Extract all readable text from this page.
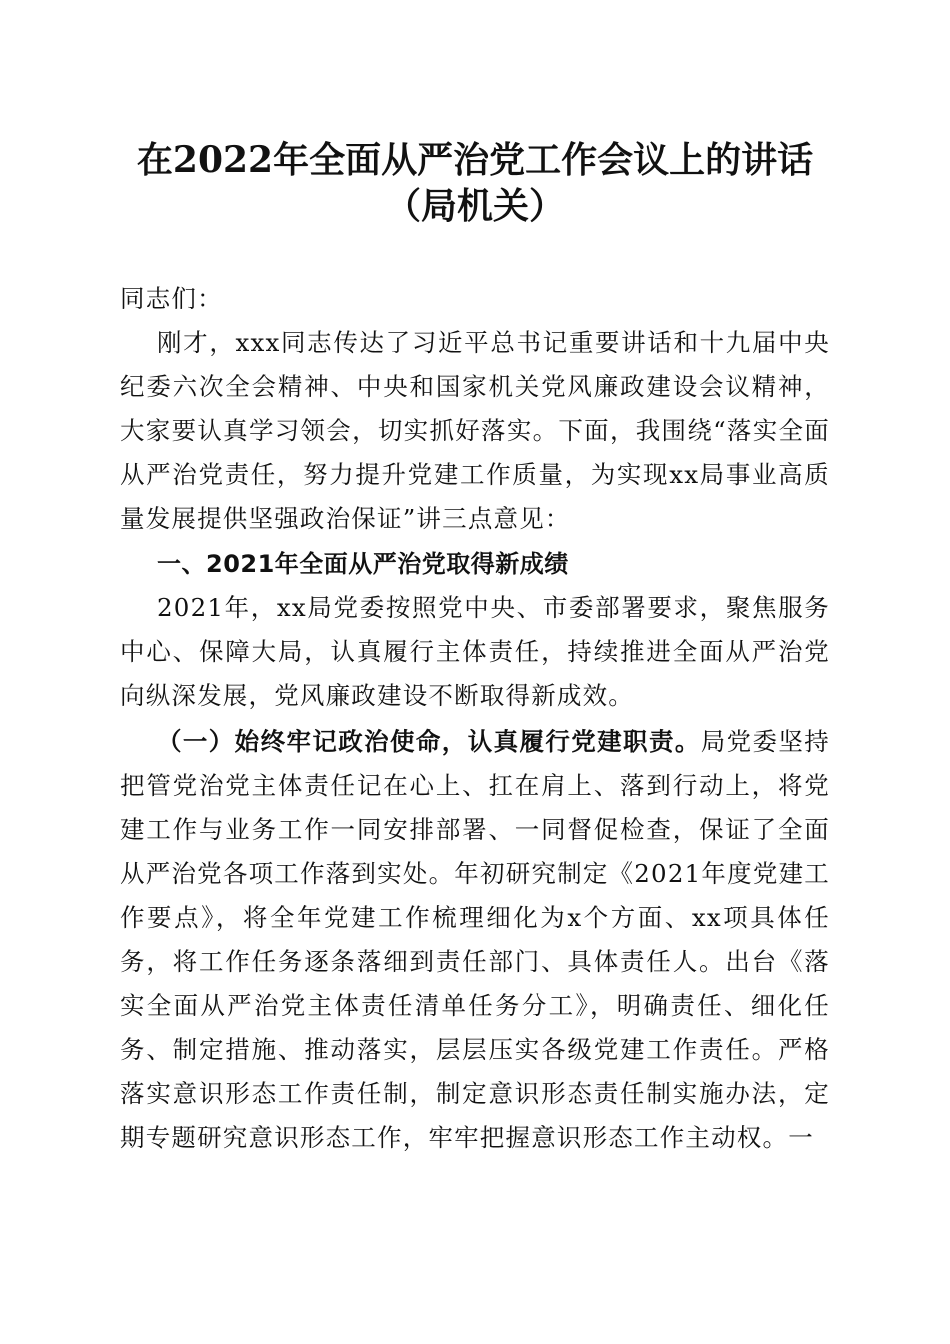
在2022年全面从严治党工作会议上的讲话
（局机关）

同志们：

刚才，xxx同志传达了习近平总书记重要讲话和十九届中央纪委六次全会精神、中央和国家机关党风廉政建设会议精神，大家要认真学习领会，切实抓好落实。下面，我围绕“落实全面从严治党责任，努力提升党建工作质量，为实现xx局事业高质量发展提供坚强政治保证”讲三点意见：

一、2021年全面从严治党取得新成绩

2021年，xx局党委按照党中央、市委部署要求，聚焦服务中心、保障大局，认真履行主体责任，持续推进全面从严治党向纵深发展，党风廉政建设不断取得新成效。

（一）始终牢记政治使命，认真履行党建职责。局党委坚持把管党治党主体责任记在心上、扛在肩上、落到行动上，将党建工作与业务工作一同安排部署、一同督促检查，保证了全面从严治党各项工作落到实处。年初研究制定《2021年度党建工作要点》，将全年党建工作梳理细化为x个方面、xx项具体任务，将工作任务逐条落细到责任部门、具体责任人。出台《落实全面从严治党主体责任清单任务分工》，明确责任、细化任务、制定措施、推动落实，层层压实各级党建工作责任。严格落实意识形态工作责任制，制定意识形态责任制实施办法，定期专题研究意识形态工作，牢牢把握意识形态工作主动权。一
